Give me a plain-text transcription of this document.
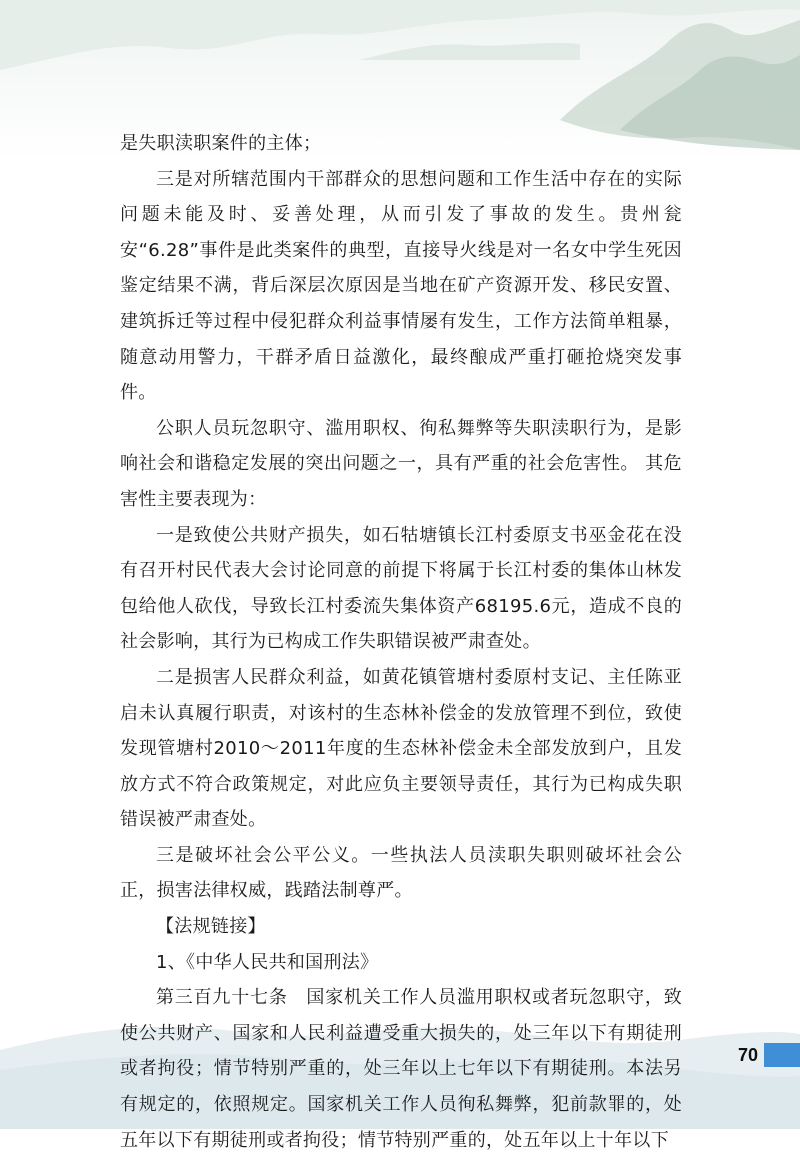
是失职渎职案件的主体；

三是对所辖范围内干部群众的思想问题和工作生活中存在的实际问题未能及时、妥善处理，从而引发了事故的发生。贵州瓮安“6.28”事件是此类案件的典型，直接导火线是对一名女中学生死因鉴定结果不满，背后深层次原因是当地在矿产资源开发、移民安置、建筑拆迁等过程中侵犯群众利益事情屡有发生，工作方法简单粗暴，随意动用警力，干群矛盾日益激化，最终酿成严重打砸抢烧突发事件。

公职人员玩忽职守、滥用职权、徇私舞弊等失职渎职行为，是影响社会和谐稳定发展的突出问题之一，具有严重的社会危害性。 其危害性主要表现为：

一是致使公共财产损失，如石牯塘镇长江村委原支书巫金花在没有召开村民代表大会讨论同意的前提下将属于长江村委的集体山林发包给他人砍伐，导致长江村委流失集体资产68195.6元，造成不良的社会影响，其行为已构成工作失职错误被严肃查处。

二是损害人民群众利益，如黄花镇管塘村委原村支记、主任陈亚启未认真履行职责，对该村的生态林补偿金的发放管理不到位，致使发现管塘村2010～2011年度的生态林补偿金未全部发放到户，且发放方式不符合政策规定，对此应负主要领导责任，其行为已构成失职错误被严肃查处。

三是破坏社会公平公义。一些执法人员渎职失职则破坏社会公正，损害法律权威，践踏法制尊严。

【法规链接】

1、《中华人民共和国刑法》

第三百九十七条　国家机关工作人员滥用职权或者玩忽职守，致使公共财产、国家和人民利益遭受重大损失的，处三年以下有期徒刑或者拘役；情节特别严重的，处三年以上七年以下有期徒刑。本法另有规定的，依照规定。国家机关工作人员徇私舞弊，犯前款罪的，处五年以下有期徒刑或者拘役；情节特别严重的，处五年以上十年以下

70
